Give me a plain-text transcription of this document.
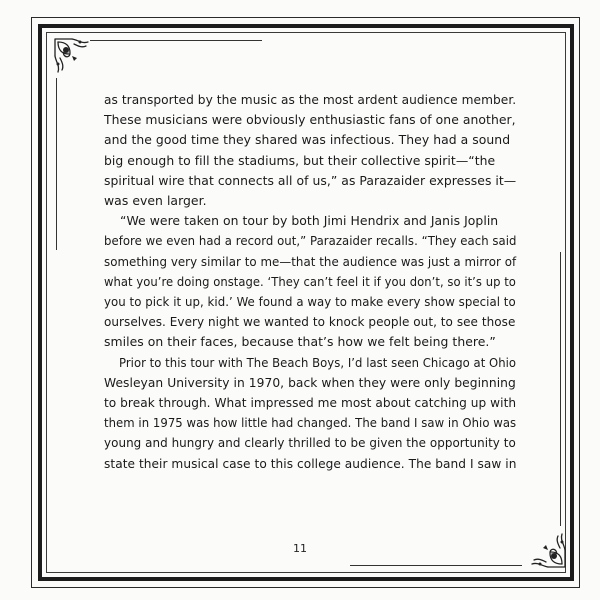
as transported by the music as the most ardent audience member.
These musicians were obviously enthusiastic fans of one another,
and the good time they shared was infectious. They had a sound
big enough to fill the stadiums, but their collective spirit—“the
spiritual wire that connects all of us,” as Parazaider expresses it—
was even larger.
“We were taken on tour by both Jimi Hendrix and Janis Joplin
before we even had a record out,” Parazaider recalls. “They each said
something very similar to me—that the audience was just a mirror of
what you’re doing onstage. ‘They can’t feel it if you don’t, so it’s up to
you to pick it up, kid.’ We found a way to make every show special to
ourselves. Every night we wanted to knock people out, to see those
smiles on their faces, because that’s how we felt being there.”
Prior to this tour with The Beach Boys, I’d last seen Chicago at Ohio
Wesleyan University in 1970, back when they were only beginning
to break through. What impressed me most about catching up with
them in 1975 was how little had changed. The band I saw in Ohio was
young and hungry and clearly thrilled to be given the opportunity to
state their musical case to this college audience. The band I saw in
11
